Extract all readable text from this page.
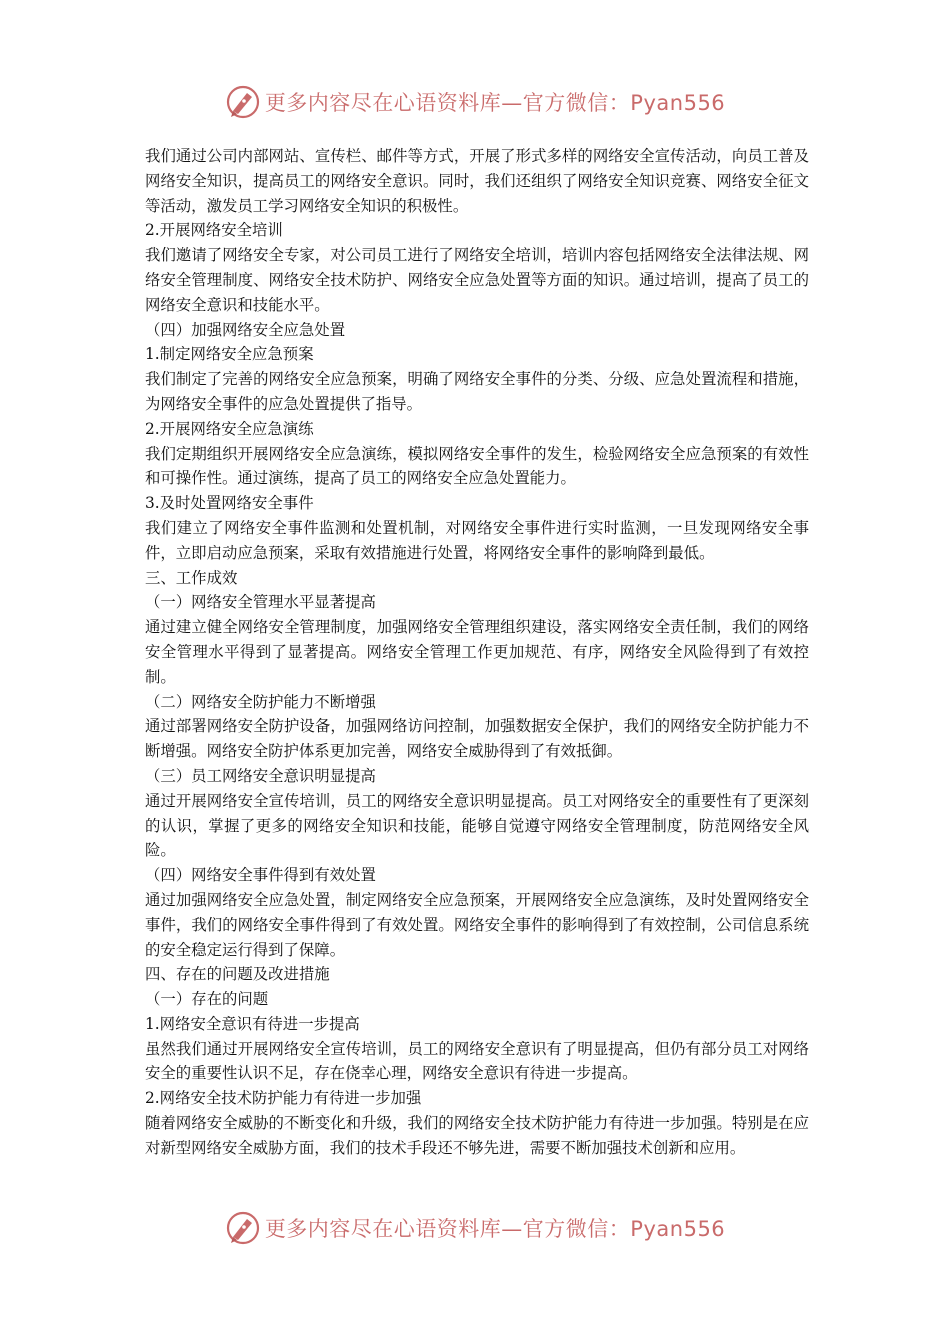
更多内容尽在心语资料库—官方微信：Pyan556

我们通过公司内部网站、宣传栏、邮件等方式，开展了形式多样的网络安全宣传活动，向员工普及网络安全知识，提高员工的网络安全意识。同时，我们还组织了网络安全知识竞赛、网络安全征文等活动，激发员工学习网络安全知识的积极性。

2.开展网络安全培训

我们邀请了网络安全专家，对公司员工进行了网络安全培训，培训内容包括网络安全法律法规、网络安全管理制度、网络安全技术防护、网络安全应急处置等方面的知识。通过培训，提高了员工的网络安全意识和技能水平。

（四）加强网络安全应急处置

1.制定网络安全应急预案

我们制定了完善的网络安全应急预案，明确了网络安全事件的分类、分级、应急处置流程和措施，为网络安全事件的应急处置提供了指导。

2.开展网络安全应急演练

我们定期组织开展网络安全应急演练，模拟网络安全事件的发生，检验网络安全应急预案的有效性和可操作性。通过演练，提高了员工的网络安全应急处置能力。

3.及时处置网络安全事件

我们建立了网络安全事件监测和处置机制，对网络安全事件进行实时监测，一旦发现网络安全事件，立即启动应急预案，采取有效措施进行处置，将网络安全事件的影响降到最低。

三、工作成效

（一）网络安全管理水平显著提高

通过建立健全网络安全管理制度，加强网络安全管理组织建设，落实网络安全责任制，我们的网络安全管理水平得到了显著提高。网络安全管理工作更加规范、有序，网络安全风险得到了有效控制。

（二）网络安全防护能力不断增强

通过部署网络安全防护设备，加强网络访问控制，加强数据安全保护，我们的网络安全防护能力不断增强。网络安全防护体系更加完善，网络安全威胁得到了有效抵御。

（三）员工网络安全意识明显提高

通过开展网络安全宣传培训，员工的网络安全意识明显提高。员工对网络安全的重要性有了更深刻的认识，掌握了更多的网络安全知识和技能，能够自觉遵守网络安全管理制度，防范网络安全风险。

（四）网络安全事件得到有效处置

通过加强网络安全应急处置，制定网络安全应急预案，开展网络安全应急演练，及时处置网络安全事件，我们的网络安全事件得到了有效处置。网络安全事件的影响得到了有效控制，公司信息系统的安全稳定运行得到了保障。

四、存在的问题及改进措施

（一）存在的问题

1.网络安全意识有待进一步提高

虽然我们通过开展网络安全宣传培训，员工的网络安全意识有了明显提高，但仍有部分员工对网络安全的重要性认识不足，存在侥幸心理，网络安全意识有待进一步提高。

2.网络安全技术防护能力有待进一步加强

随着网络安全威胁的不断变化和升级，我们的网络安全技术防护能力有待进一步加强。特别是在应对新型网络安全威胁方面，我们的技术手段还不够先进，需要不断加强技术创新和应用。

更多内容尽在心语资料库—官方微信：Pyan556
